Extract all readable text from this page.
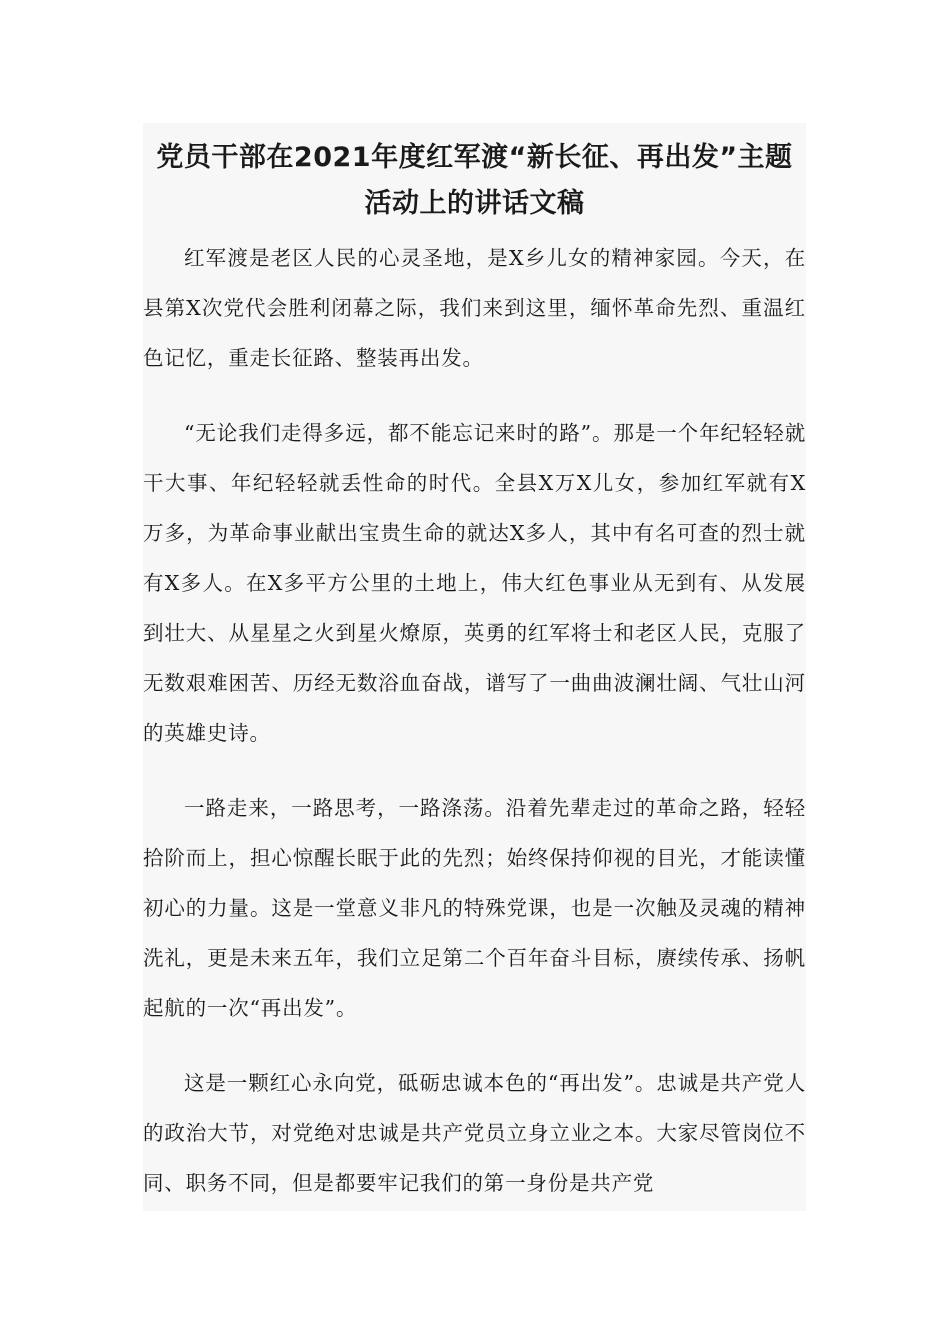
党员干部在2021年度红军渡“新长征、再出发”主题活动上的讲话文稿

红军渡是老区人民的心灵圣地，是X乡儿女的精神家园。今天，在县第X次党代会胜利闭幕之际，我们来到这里，缅怀革命先烈、重温红色记忆，重走长征路、整装再出发。

“无论我们走得多远，都不能忘记来时的路”。那是一个年纪轻轻就干大事、年纪轻轻就丢性命的时代。全县X万X儿女，参加红军就有X万多，为革命事业献出宝贵生命的就达X多人，其中有名可查的烈士就有X多人。在X多平方公里的土地上，伟大红色事业从无到有、从发展到壮大、从星星之火到星火燎原，英勇的红军将士和老区人民，克服了无数艰难困苦、历经无数浴血奋战，谱写了一曲曲波澜壮阔、气壮山河的英雄史诗。

一路走来，一路思考，一路涤荡。沿着先辈走过的革命之路，轻轻拾阶而上，担心惊醒长眠于此的先烈；始终保持仰视的目光，才能读懂初心的力量。这是一堂意义非凡的特殊党课，也是一次触及灵魂的精神洗礼，更是未来五年，我们立足第二个百年奋斗目标，赓续传承、扬帆起航的一次“再出发”。

这是一颗红心永向党，砥砺忠诚本色的“再出发”。忠诚是共产党人的政治大节，对党绝对忠诚是共产党员立身立业之本。大家尽管岗位不同、职务不同，但是都要牢记我们的第一身份是共产党
